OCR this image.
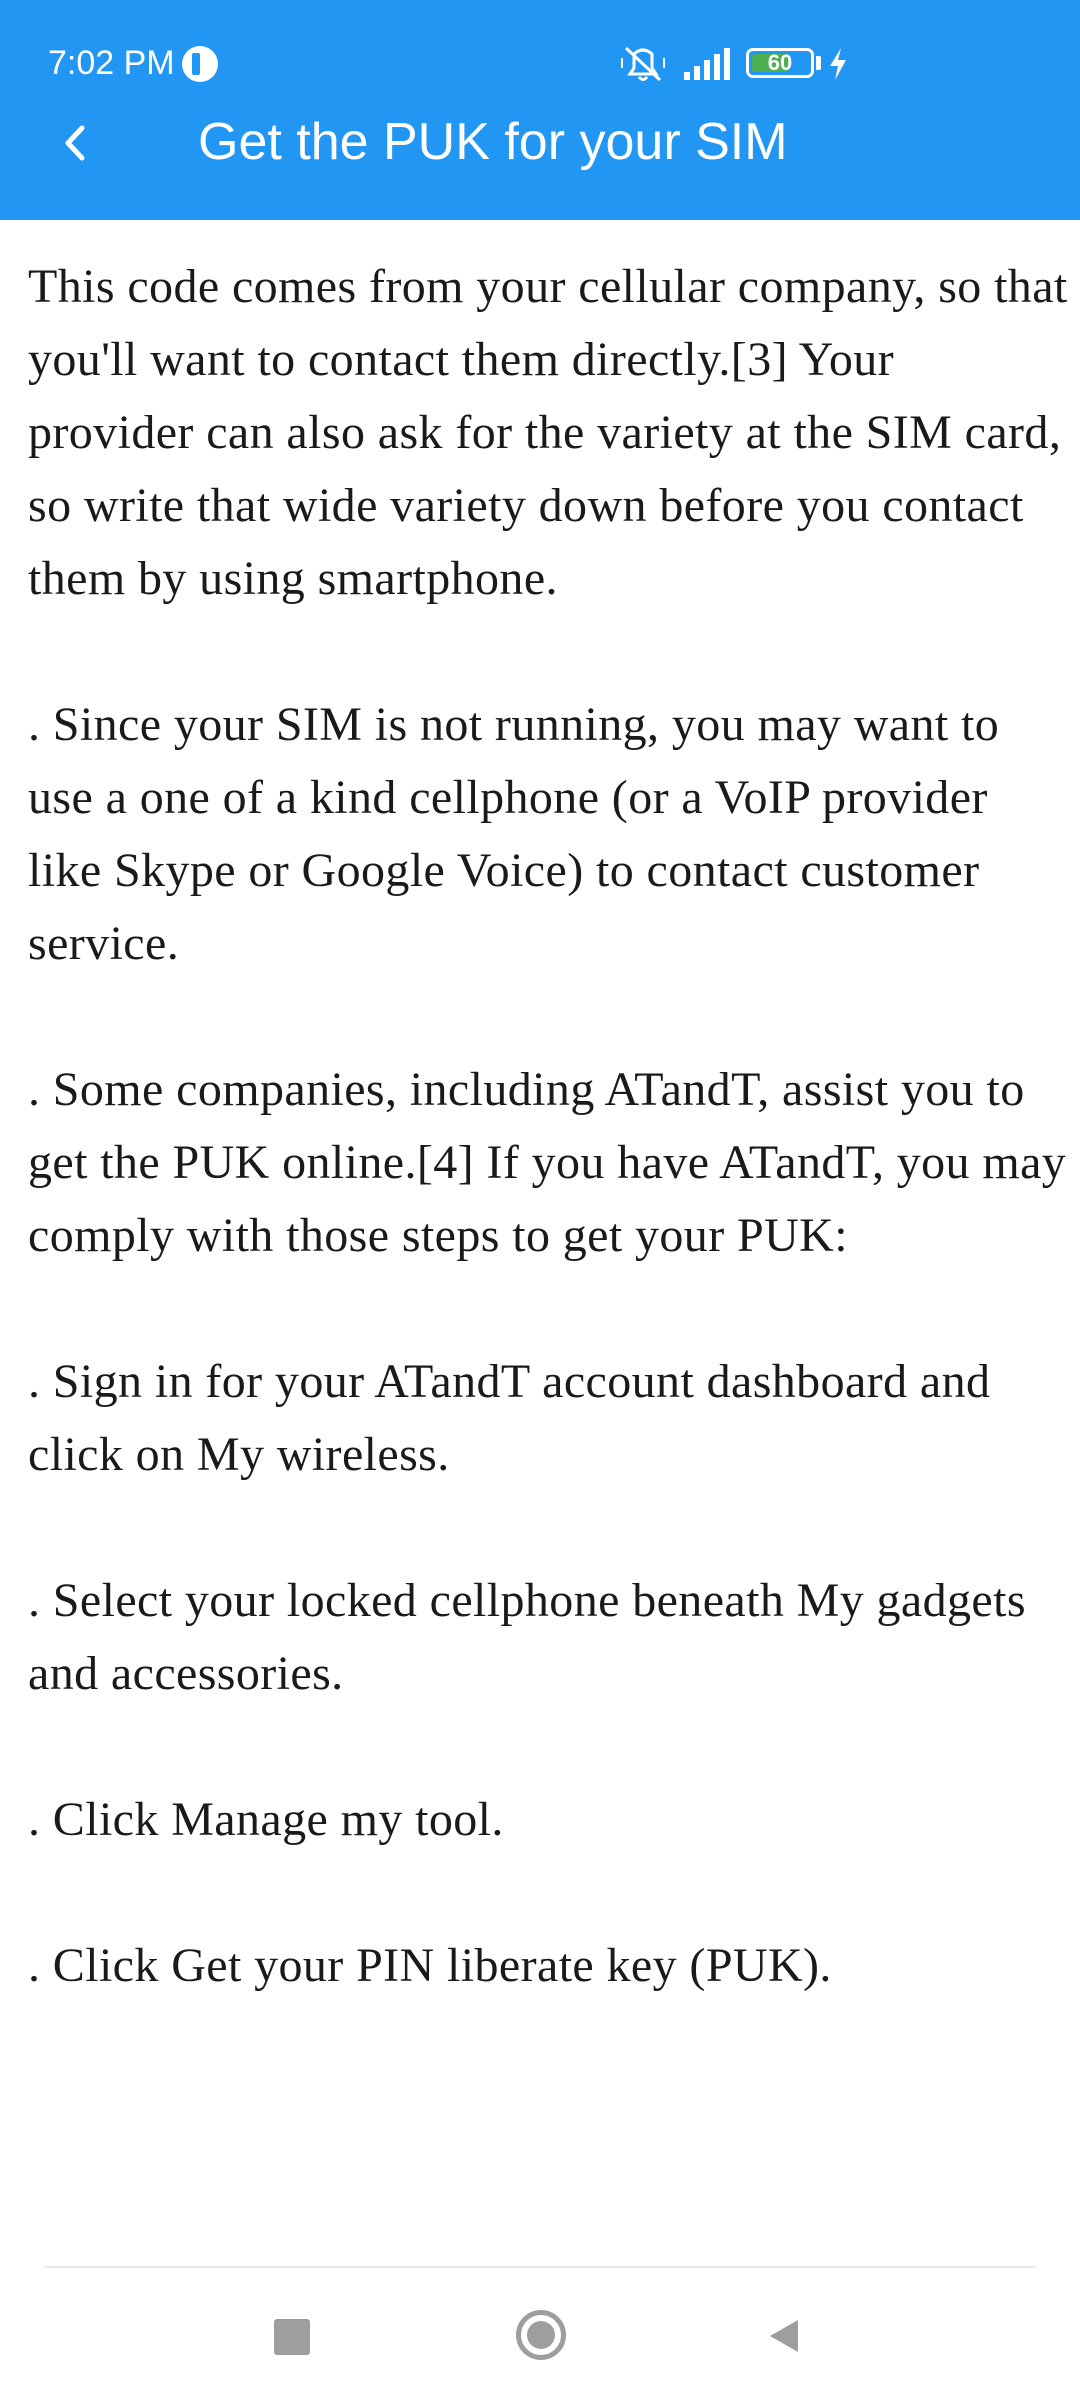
7:02 PM	60
Get the PUK for your SIM

This code comes from your cellular company, so that you'll want to contact them directly.[3] Your provider can also ask for the variety at the SIM card, so write that wide variety down before you contact them by using smartphone.

. Since your SIM is not running, you may want to use a one of a kind cellphone (or a VoIP provider like Skype or Google Voice) to contact customer service.

. Some companies, including ATandT, assist you to get the PUK online.[4] If you have ATandT, you may comply with those steps to get your PUK:

. Sign in for your ATandT account dashboard and click on My wireless.

. Select your locked cellphone beneath My gadgets and accessories.

. Click Manage my tool.

. Click Get your PIN liberate key (PUK).
